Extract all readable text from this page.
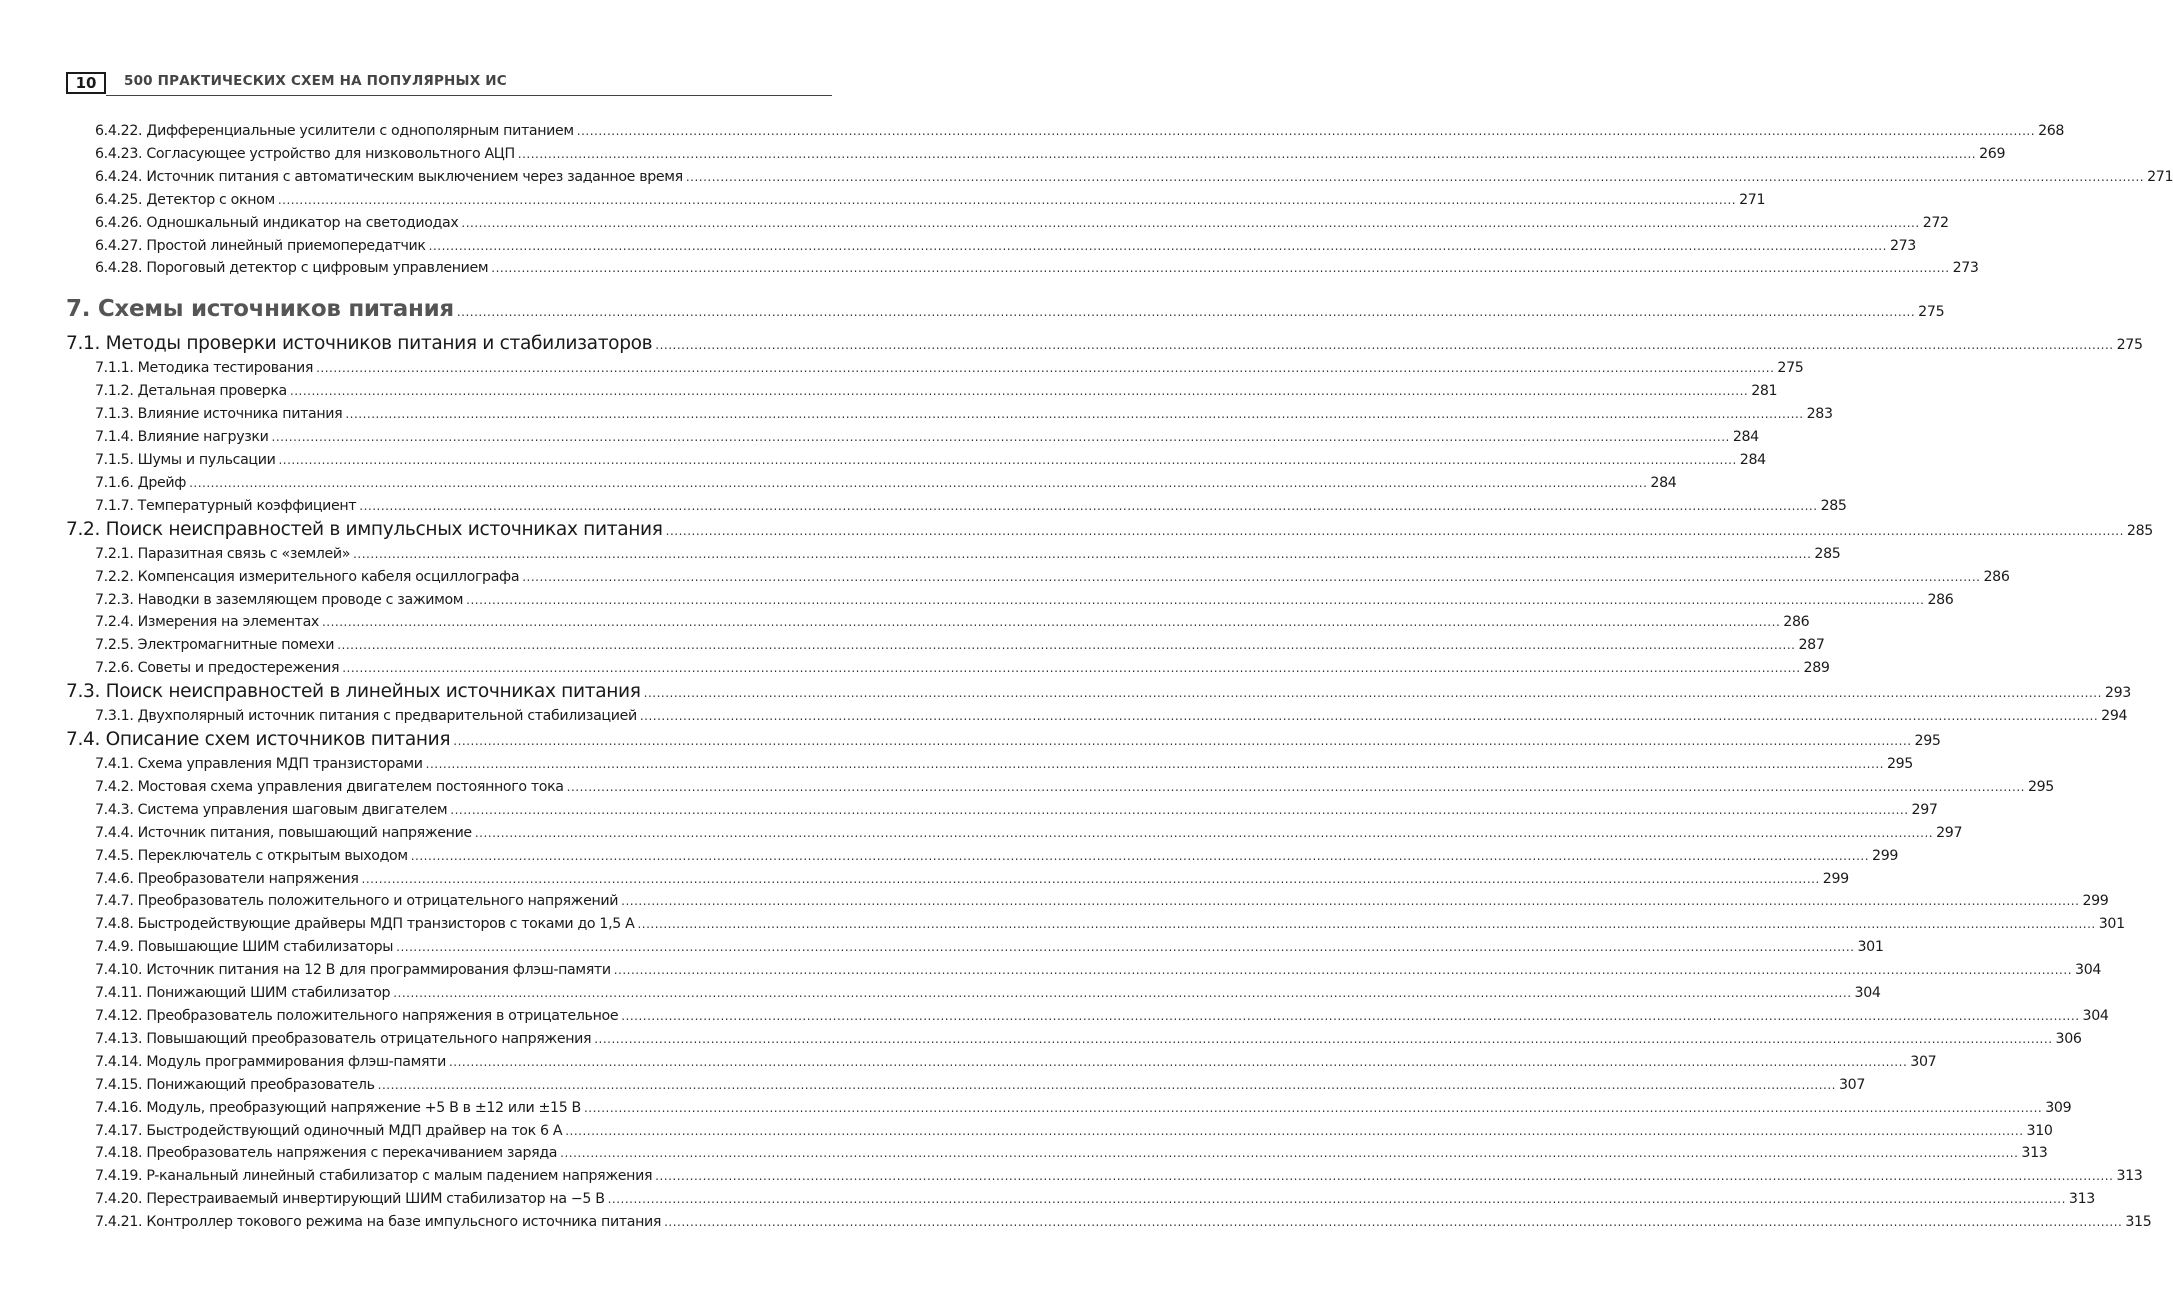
10	500 ПРАКТИЧЕСКИХ СХЕМ НА ПОПУЛЯРНЫХ ИС
6.4.22. Дифференциальные усилители с однополярным питанием .....	268
6.4.23. Согласующее устройство для низковольтного АЦП .....	269
6.4.24. Источник питания с автоматическим выключением через заданное время .....	271
6.4.25. Детектор с окном .....	271
6.4.26. Одношкальный индикатор на светодиодах .....	272
6.4.27. Простой линейный приемопередатчик .....	273
6.4.28. Пороговый детектор с цифровым управлением .....	273
7. Схемы источников питания .....	275
7.1. Методы проверки источников питания и стабилизаторов .....	275
7.1.1. Методика тестирования .....	275
7.1.2. Детальная проверка .....	281
7.1.3. Влияние источника питания .....	283
7.1.4. Влияние нагрузки .....	284
7.1.5. Шумы и пульсации .....	284
7.1.6. Дрейф .....	284
7.1.7. Температурный коэффициент .....	285
7.2. Поиск неисправностей в импульсных источниках питания .....	285
7.2.1. Паразитная связь с «землей» .....	285
7.2.2. Компенсация измерительного кабеля осциллографа .....	286
7.2.3. Наводки в заземляющем проводе с зажимом .....	286
7.2.4. Измерения на элементах .....	286
7.2.5. Электромагнитные помехи .....	287
7.2.6. Советы и предостережения .....	289
7.3. Поиск неисправностей в линейных источниках питания .....	293
7.3.1. Двухполярный источник питания с предварительной стабилизацией .....	294
7.4. Описание схем источников питания .....	295
7.4.1. Схема управления МДП транзисторами .....	295
7.4.2. Мостовая схема управления двигателем постоянного тока .....	295
7.4.3. Система управления шаговым двигателем .....	297
7.4.4. Источник питания, повышающий напряжение .....	297
7.4.5. Переключатель с открытым выходом .....	299
7.4.6. Преобразователи напряжения .....	299
7.4.7. Преобразователь положительного и отрицательного напряжений .....	299
7.4.8. Быстродействующие драйверы МДП транзисторов с токами до 1,5 А .....	301
7.4.9. Повышающие ШИМ стабилизаторы .....	301
7.4.10. Источник питания на 12 В для программирования флэш-памяти .....	304
7.4.11. Понижающий ШИМ стабилизатор .....	304
7.4.12. Преобразователь положительного напряжения в отрицательное .....	304
7.4.13. Повышающий преобразователь отрицательного напряжения .....	306
7.4.14. Модуль программирования флэш-памяти .....	307
7.4.15. Понижающий преобразователь .....	307
7.4.16. Модуль, преобразующий напряжение +5 В в ±12 или ±15 В .....	309
7.4.17. Быстродействующий одиночный МДП драйвер на ток 6 А .....	310
7.4.18. Преобразователь напряжения с перекачиванием заряда .....	313
7.4.19. P-канальный линейный стабилизатор с малым падением напряжения .....	313
7.4.20. Перестраиваемый инвертирующий ШИМ стабилизатор на −5 В .....	313
7.4.21. Контроллер токового режима на базе импульсного источника питания .....	315
